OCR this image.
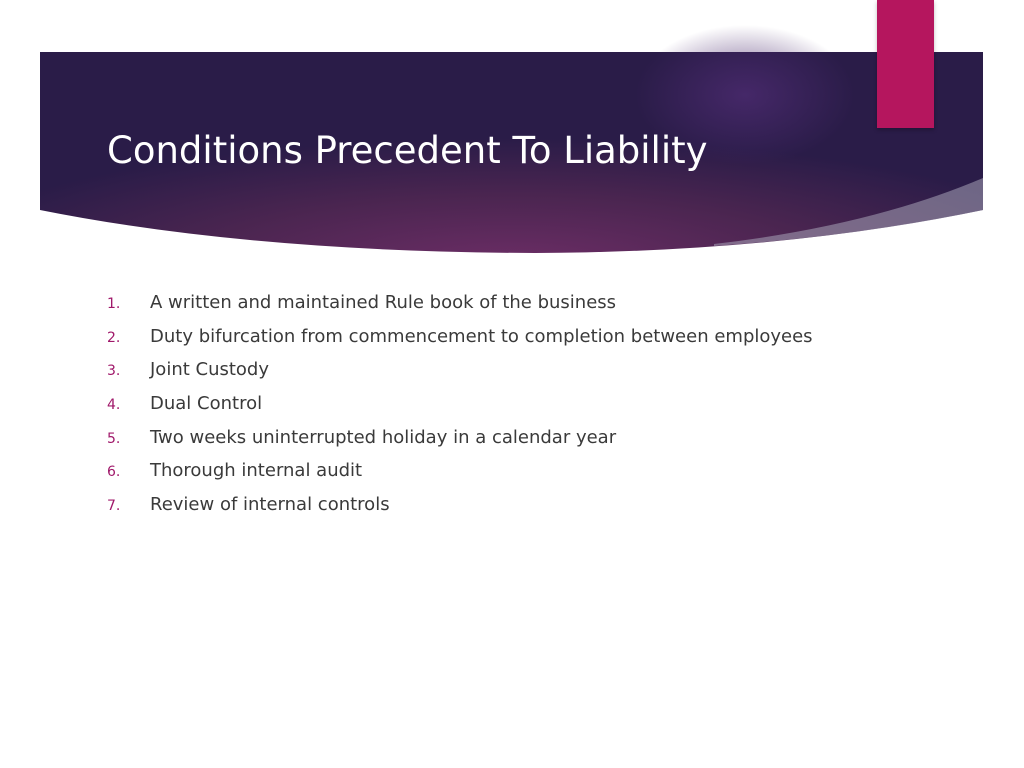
Conditions Precedent To Liability
1.	A written and maintained Rule book of the business
2.	Duty bifurcation from commencement to completion between employees
3.	Joint Custody
4.	Dual Control
5.	Two weeks uninterrupted holiday in a calendar year
6.	Thorough internal audit
7.	Review of internal controls
